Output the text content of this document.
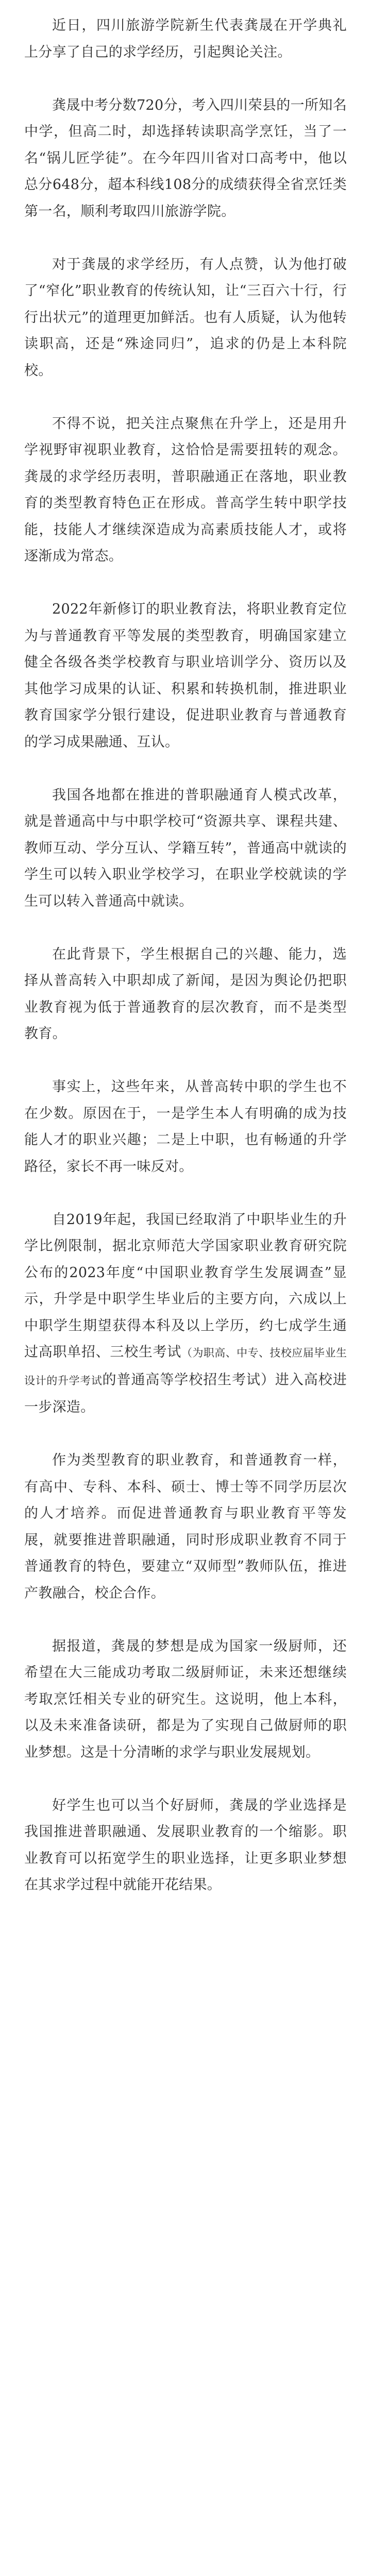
近日，四川旅游学院新生代表龚晟在开学典礼上分享了自己的求学经历，引起舆论关注。

龚晟中考分数720分，考入四川荣县的一所知名中学，但高二时，却选择转读职高学烹饪，当了一名“锅儿匠学徒”。在今年四川省对口高考中，他以总分648分，超本科线108分的成绩获得全省烹饪类第一名，顺利考取四川旅游学院。

对于龚晟的求学经历，有人点赞，认为他打破了“窄化”职业教育的传统认知，让“三百六十行，行行出状元”的道理更加鲜活。也有人质疑，认为他转读职高，还是“殊途同归”，追求的仍是上本科院校。

不得不说，把关注点聚焦在升学上，还是用升学视野审视职业教育，这恰恰是需要扭转的观念。龚晟的求学经历表明，普职融通正在落地，职业教育的类型教育特色正在形成。普高学生转中职学技能，技能人才继续深造成为高素质技能人才，或将逐渐成为常态。

2022年新修订的职业教育法，将职业教育定位为与普通教育平等发展的类型教育，明确国家建立健全各级各类学校教育与职业培训学分、资历以及其他学习成果的认证、积累和转换机制，推进职业教育国家学分银行建设，促进职业教育与普通教育的学习成果融通、互认。

我国各地都在推进的普职融通育人模式改革，就是普通高中与中职学校可“资源共享、课程共建、教师互动、学分互认、学籍互转”，普通高中就读的学生可以转入职业学校学习，在职业学校就读的学生可以转入普通高中就读。

在此背景下，学生根据自己的兴趣、能力，选择从普高转入中职却成了新闻，是因为舆论仍把职业教育视为低于普通教育的层次教育，而不是类型教育。

事实上，这些年来，从普高转中职的学生也不在少数。原因在于，一是学生本人有明确的成为技能人才的职业兴趣；二是上中职，也有畅通的升学路径，家长不再一味反对。

自2019年起，我国已经取消了中职毕业生的升学比例限制，据北京师范大学国家职业教育研究院公布的2023年度“中国职业教育学生发展调查”显示，升学是中职学生毕业后的主要方向，六成以上中职学生期望获得本科及以上学历，约七成学生通过高职单招、三校生考试（为职高、中专、技校应届毕业生设计的升学考试的普通高等学校招生考试）进入高校进一步深造。

作为类型教育的职业教育，和普通教育一样，有高中、专科、本科、硕士、博士等不同学历层次的人才培养。而促进普通教育与职业教育平等发展，就要推进普职融通，同时形成职业教育不同于普通教育的特色，要建立“双师型”教师队伍，推进产教融合，校企合作。

据报道，龚晟的梦想是成为国家一级厨师，还希望在大三能成功考取二级厨师证，未来还想继续考取烹饪相关专业的研究生。这说明，他上本科，以及未来准备读研，都是为了实现自己做厨师的职业梦想。这是十分清晰的求学与职业发展规划。

好学生也可以当个好厨师，龚晟的学业选择是我国推进普职融通、发展职业教育的一个缩影。职业教育可以拓宽学生的职业选择，让更多职业梦想在其求学过程中就能开花结果。
